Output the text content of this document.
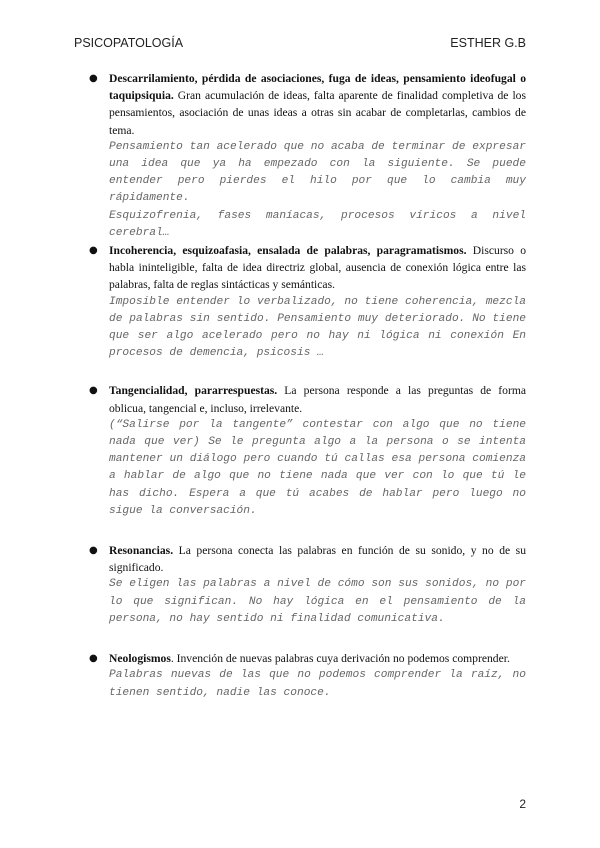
PSICOPATOLOGÍA	ESTHER G.B
● Descarrilamiento, pérdida de asociaciones, fuga de ideas, pensamiento ideofugal o taquipsiquia. Gran acumulación de ideas, falta aparente de finalidad completiva de los pensamientos, asociación de unas ideas a otras sin acabar de completarlas, cambios de tema.

Pensamiento tan acelerado que no acaba de terminar de expresar una idea que ya ha empezado con la siguiente. Se puede entender pero pierdes el hilo por que lo cambia muy rápidamente.

Esquizofrenia, fases maníacas, procesos víricos a nivel cerebral…

● Incoherencia, esquizoafasia, ensalada de palabras, paragramatismos. Discurso o habla ininteligible, falta de idea directriz global, ausencia de conexión lógica entre las palabras, falta de reglas sintácticas y semánticas.

Imposible entender lo verbalizado, no tiene coherencia, mezcla de palabras sin sentido. Pensamiento muy deteriorado. No tiene que ser algo acelerado pero no hay ni lógica ni conexión En procesos de demencia, psicosis …

● Tangencialidad, pararrespuestas. La persona responde a las preguntas de forma oblicua, tangencial e, incluso, irrelevante.

(“Salirse por la tangente” contestar con algo que no tiene nada que ver) Se le pregunta algo a la persona o se intenta mantener un diálogo pero cuando tú callas esa persona comienza a hablar de algo que no tiene nada que ver con lo que tú le has dicho. Espera a que tú acabes de hablar pero luego no sigue la conversación.

● Resonancias. La persona conecta las palabras en función de su sonido, y no de su significado.

Se eligen las palabras a nivel de cómo son sus sonidos, no por lo que significan. No hay lógica en el pensamiento de la persona, no hay sentido ni finalidad comunicativa.

● Neologismos. Invención de nuevas palabras cuya derivación no podemos comprender.

Palabras nuevas de las que no podemos comprender la raíz, no tienen sentido, nadie las conoce.

2
